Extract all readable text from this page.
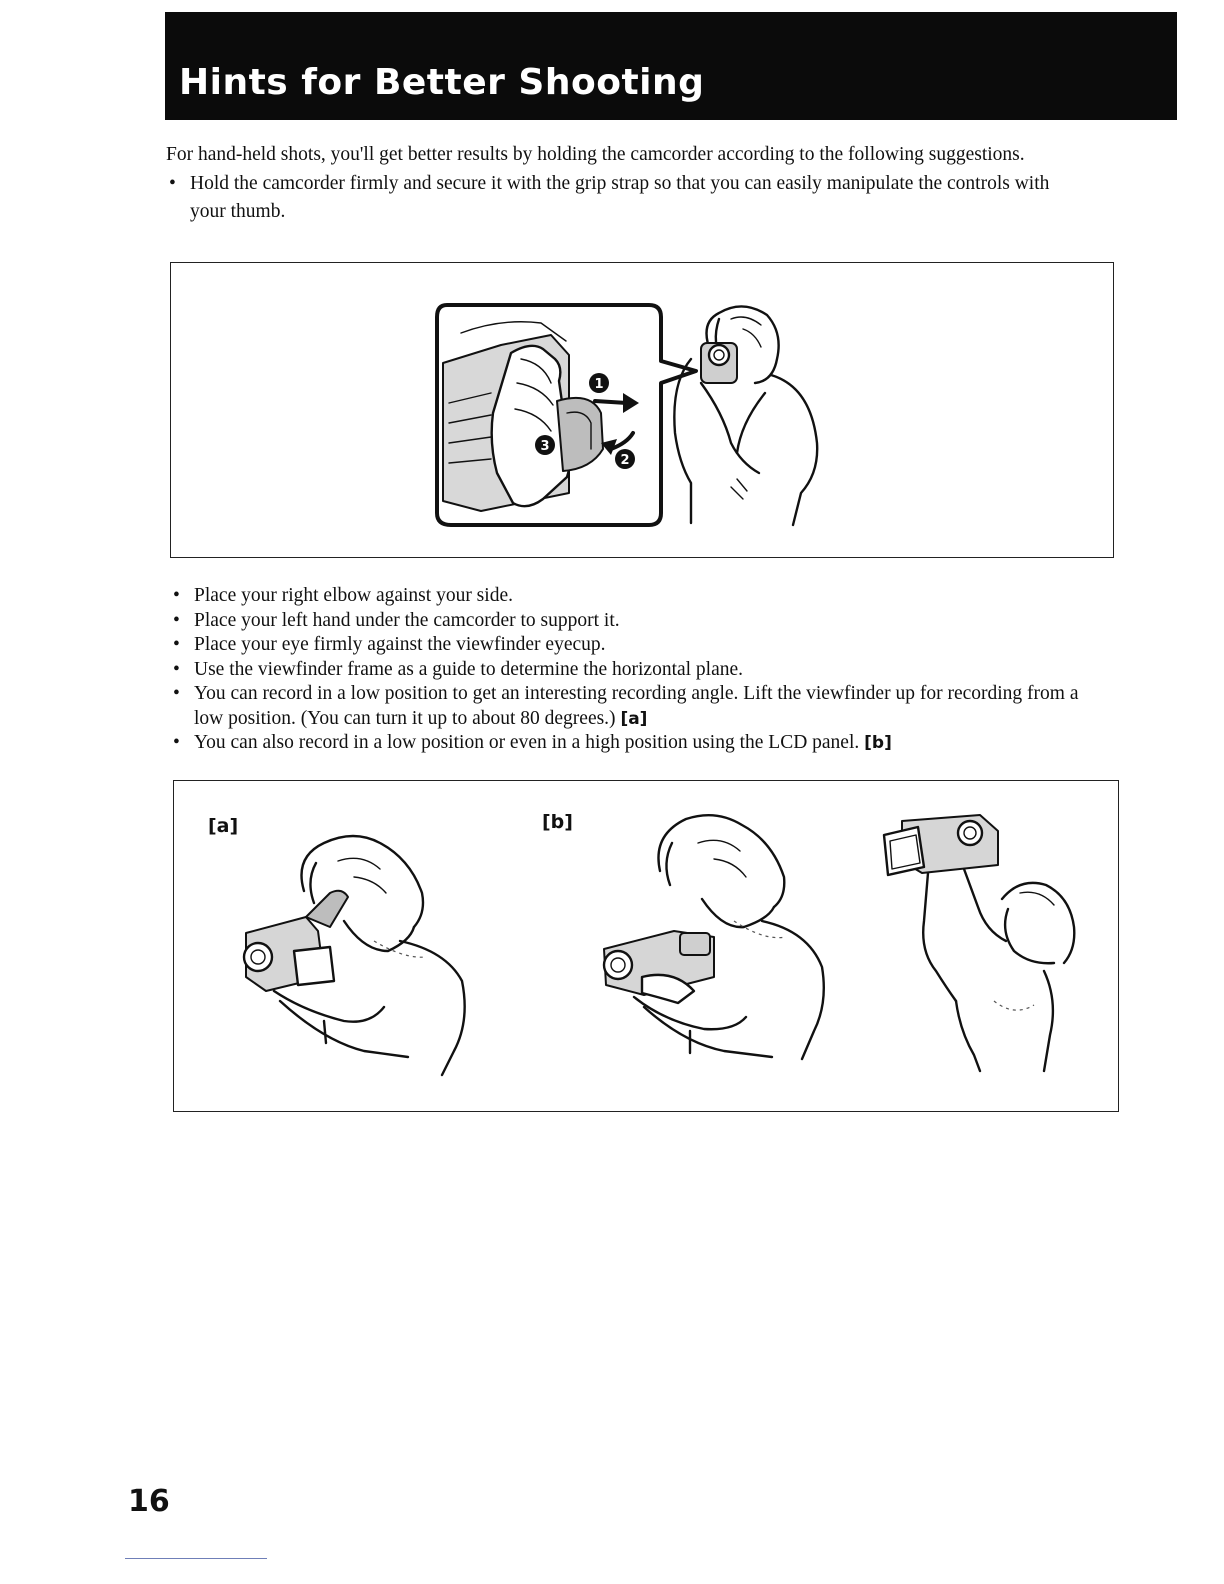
Hints for Better Shooting

For hand-held shots, you'll get better results by holding the camcorder according to the following suggestions.

• Hold the camcorder firmly and secure it with the grip strap so that you can easily manipulate the controls with your thumb.
1
2
3
• Place your right elbow against your side.
• Place your left hand under the camcorder to support it.
• Place your eye firmly against the viewfinder eyecup.
• Use the viewfinder frame as a guide to determine the horizontal plane.
• You can record in a low position to get an interesting recording angle. Lift the viewfinder up for recording from a low position. (You can turn it up to about 80 degrees.) [a]
• You can also record in a low position or even in a high position using the LCD panel. [b]
[a]	[b]
16
